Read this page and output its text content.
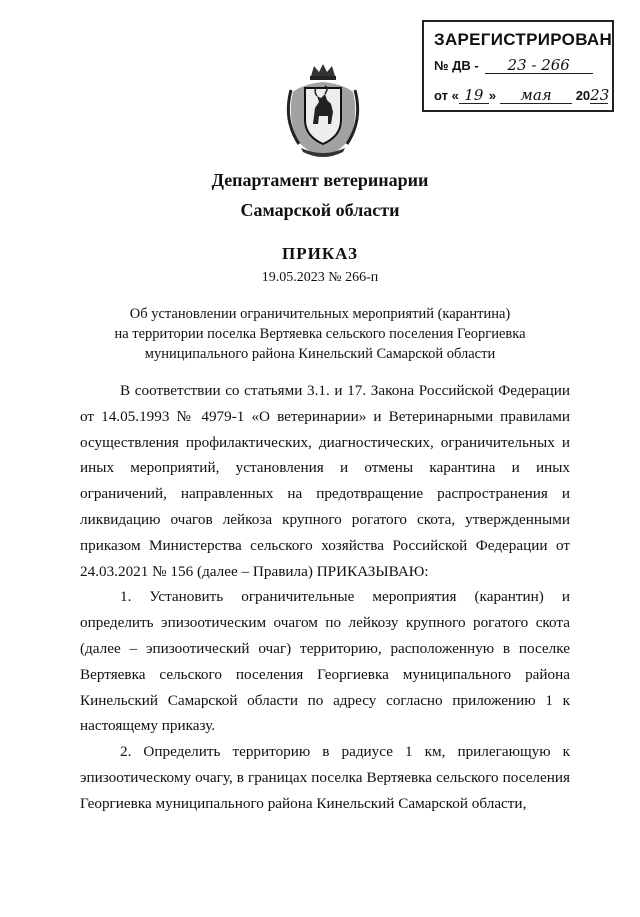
ЗАРЕГИСТРИРОВАН
№ ДВ - 23 - 266
от « 19 » мая 2023
Департамент ветеринарии
Самарской области
ПРИКАЗ
19.05.2023 № 266-п
Об установлении ограничительных мероприятий (карантина)
на территории поселка Вертяевка сельского поселения Георгиевка
муниципального района Кинельский Самарской области

В соответствии со статьями 3.1. и 17. Закона Российской Федерации от 14.05.1993 № 4979-1 «О ветеринарии» и Ветеринарными правилами осуществления профилактических, диагностических, ограничительных и иных мероприятий, установления и отмены карантина и иных ограничений, направленных на предотвращение распространения и ликвидацию очагов лейкоза крупного рогатого скота, утвержденными приказом Министерства сельского хозяйства Российской Федерации от 24.03.2021 № 156 (далее – Правила) ПРИКАЗЫВАЮ:

1. Установить ограничительные мероприятия (карантин) и определить эпизоотическим очагом по лейкозу крупного рогатого скота (далее – эпизоотический очаг) территорию, расположенную в поселке Вертяевка сельского поселения Георгиевка муниципального района Кинельский Самарской области по адресу согласно приложению 1 к настоящему приказу.

2. Определить территорию в радиусе 1 км, прилегающую к эпизоотическому очагу, в границах поселка Вертяевка сельского поселения Георгиевка муниципального района Кинельский Самарской области,
